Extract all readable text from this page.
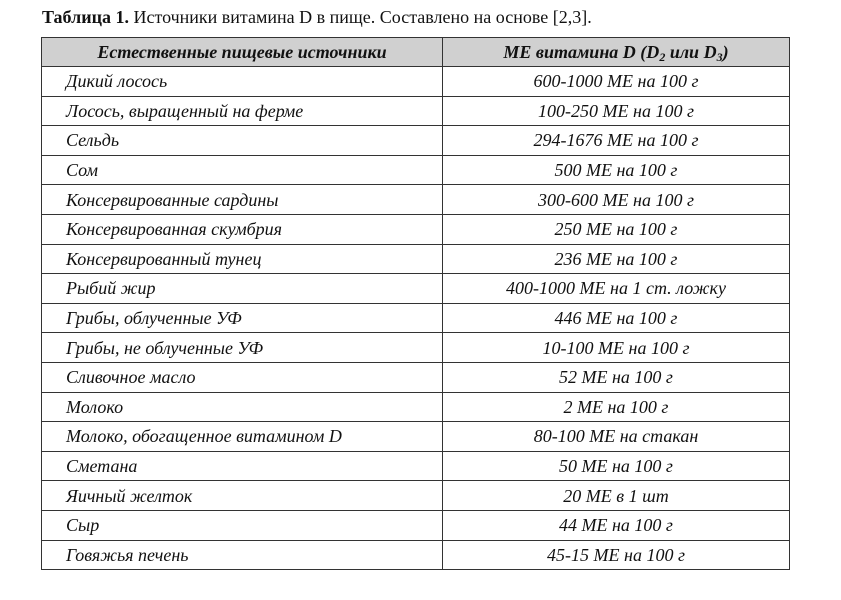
Таблица 1. Источники витамина D в пище. Составлено на основе [2,3].
Естественные пищевые источники	МЕ витамина D ($D_2$ или $D_3$)
Дикий лосось	600-1000 МЕ на 100 г
Лосось, выращенный на ферме	100-250 МЕ на 100 г
Сельдь	294-1676 МЕ на 100 г
Сом	500 МЕ на 100 г
Консервированные сардины	300-600 МЕ на 100 г
Консервированная скумбрия	250 МЕ на 100 г
Консервированный тунец	236 МЕ на 100 г
Рыбий жир	400-1000 МЕ на 1 ст. ложку
Грибы, облученные УФ	446 МЕ на 100 г
Грибы, не облученные УФ	10-100 МЕ на 100 г
Сливочное масло	52 МЕ на 100 г
Молоко	2 МЕ на 100 г
Молоко, обогащенное витамином D	80-100 МЕ на стакан
Сметана	50 МЕ на 100 г
Яичный желток	20 МЕ в 1 шт
Сыр	44 МЕ на 100 г
Говяжья печень	45-15 МЕ на 100 г
